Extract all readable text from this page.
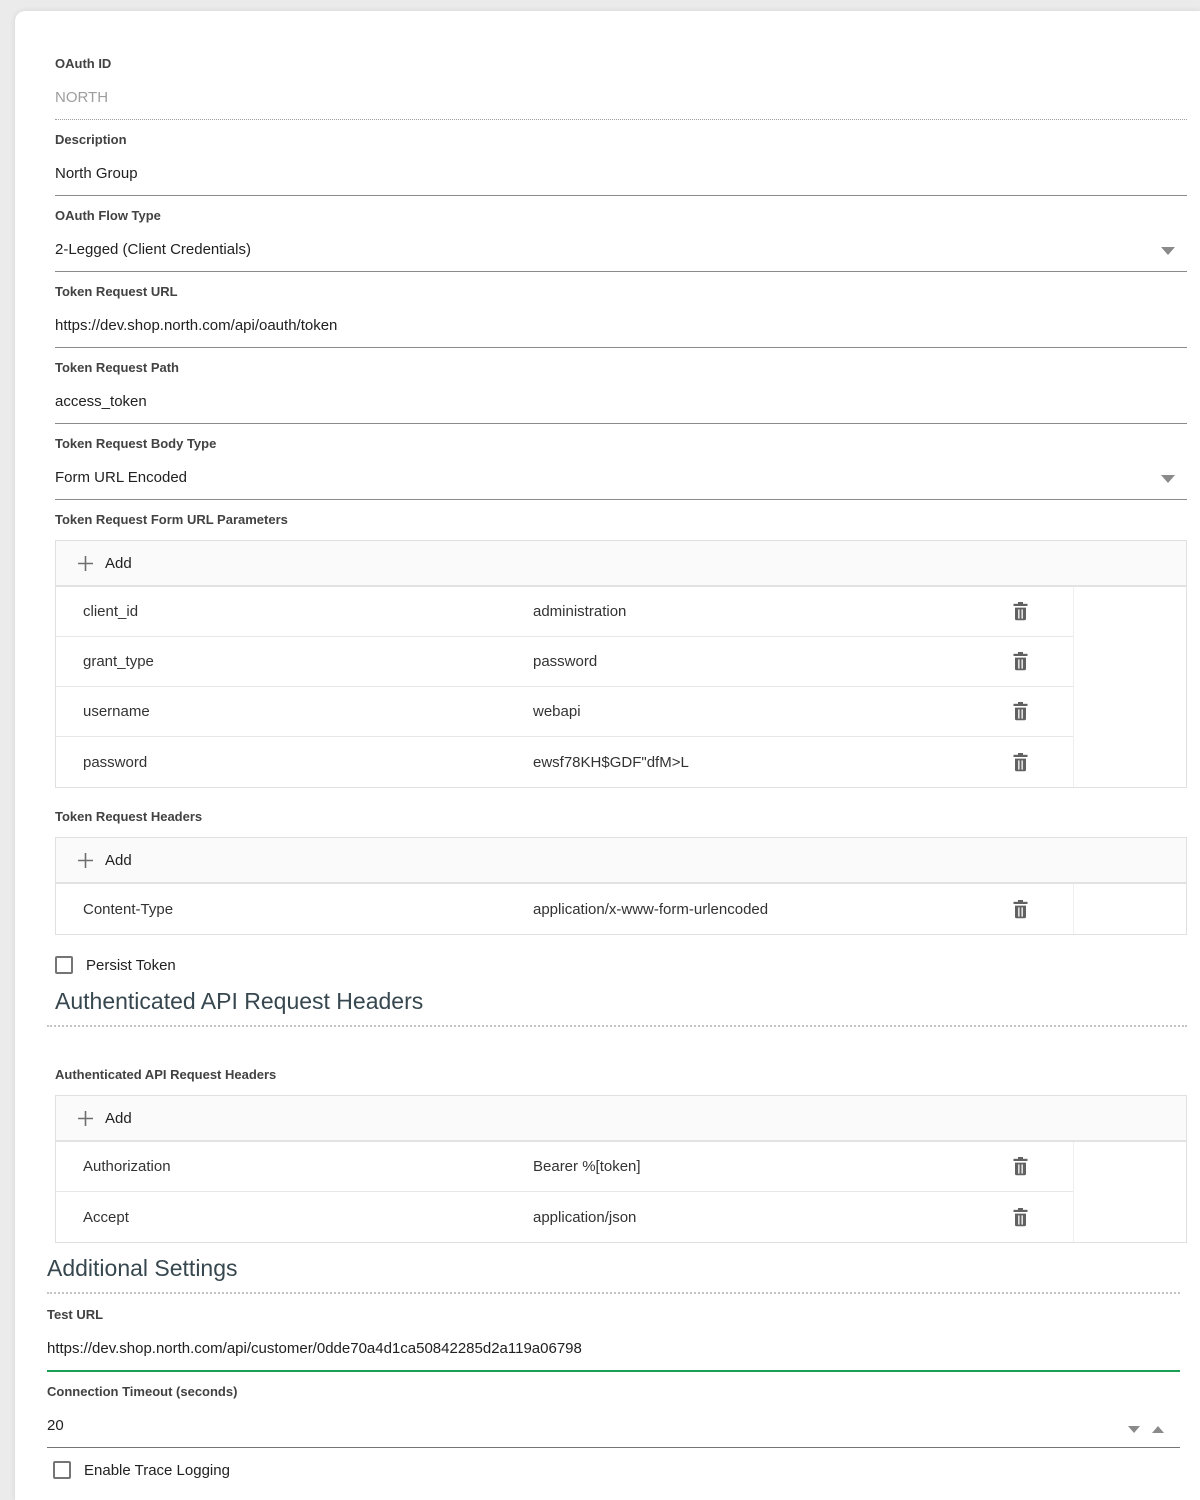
OAuth ID
NORTH
Description
North Group
OAuth Flow Type
2-Legged (Client Credentials)
Token Request URL
https://dev.shop.north.com/api/oauth/token
Token Request Path
access_token
Token Request Body Type
Form URL Encoded
Token Request Form URL Parameters
Add
client_id	administration
grant_type	password
username	webapi
password	ewsf78KH$GDF"dfM>L
Token Request Headers
Add
Content-Type	application/x-www-form-urlencoded
Persist Token
Authenticated API Request Headers
Authenticated API Request Headers
Add
Authorization	Bearer %[token]
Accept	application/json
Additional Settings
Test URL
https://dev.shop.north.com/api/customer/0dde70a4d1ca50842285d2a119a06798
Connection Timeout (seconds)
20
Enable Trace Logging
